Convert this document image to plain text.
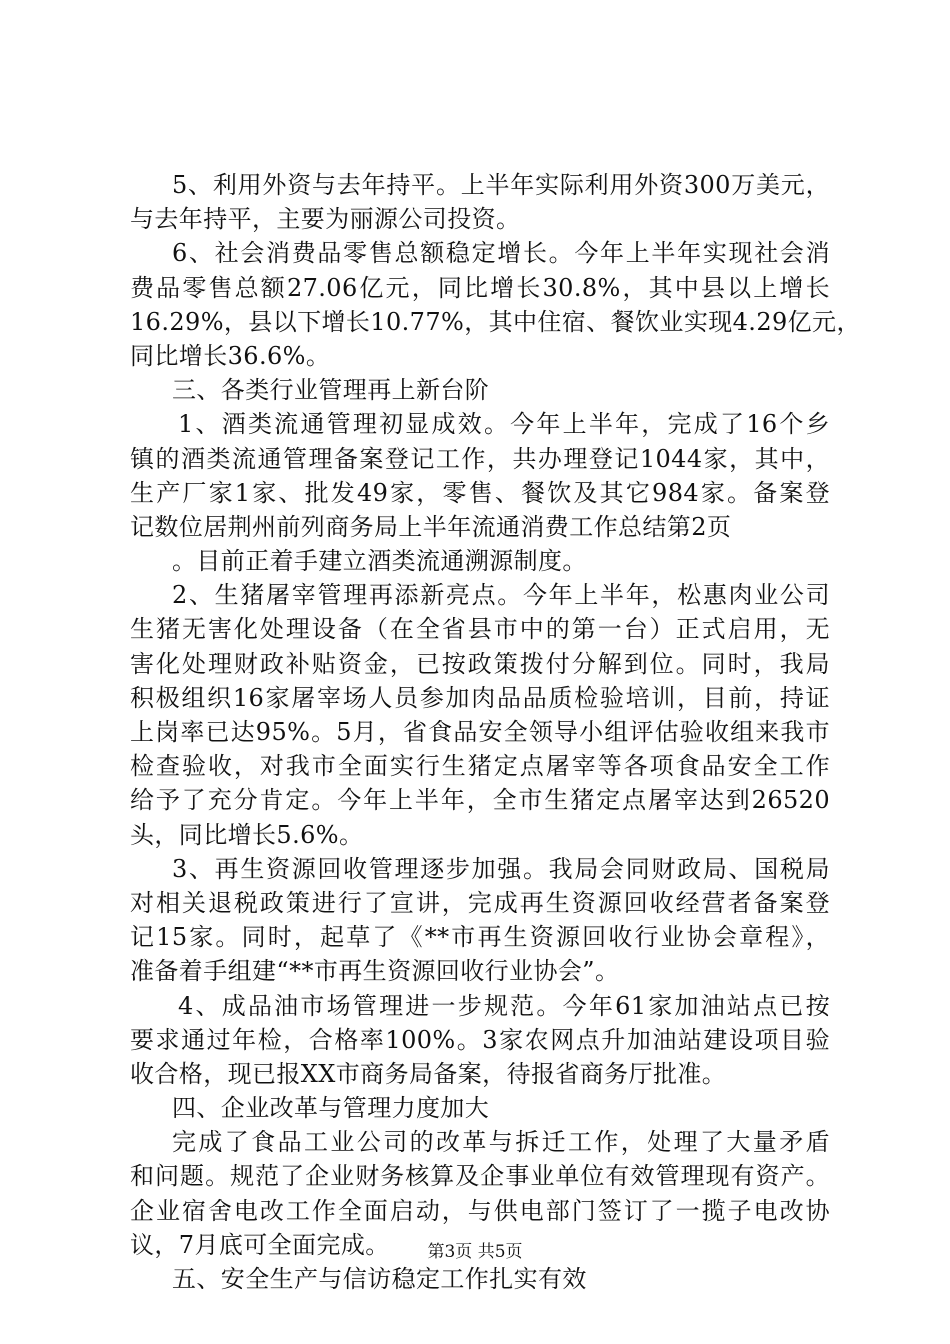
5、利用外资与去年持平。上半年实际利用外资300万美元，
与去年持平，主要为丽源公司投资。
6、社会消费品零售总额稳定增长。今年上半年实现社会消
费品零售总额27.06亿元，同比增长30.8%，其中县以上增长
16.29%，县以下增长10.77%，其中住宿、餐饮业实现4.29亿元，
同比增长36.6%。
三、各类行业管理再上新台阶
1、酒类流通管理初显成效。今年上半年，完成了16个乡
镇的酒类流通管理备案登记工作，共办理登记1044家，其中，
生产厂家1家、批发49家，零售、餐饮及其它984家。备案登
记数位居荆州前列商务局上半年流通消费工作总结第2页
。目前正着手建立酒类流通溯源制度。
2、生猪屠宰管理再添新亮点。今年上半年，松惠肉业公司
生猪无害化处理设备（在全省县市中的第一台）正式启用，无
害化处理财政补贴资金，已按政策拨付分解到位。同时，我局
积极组织16家屠宰场人员参加肉品品质检验培训，目前，持证
上岗率已达95%。5月，省食品安全领导小组评估验收组来我市
检查验收，对我市全面实行生猪定点屠宰等各项食品安全工作
给予了充分肯定。今年上半年，全市生猪定点屠宰达到26520
头，同比增长5.6%。
3、再生资源回收管理逐步加强。我局会同财政局、国税局
对相关退税政策进行了宣讲，完成再生资源回收经营者备案登
记15家。同时，起草了《**市再生资源回收行业协会章程》，
准备着手组建“**市再生资源回收行业协会”。
4、成品油市场管理进一步规范。今年61家加油站点已按
要求通过年检，合格率100%。3家农网点升加油站建设项目验
收合格，现已报XX市商务局备案，待报省商务厅批准。
四、企业改革与管理力度加大
完成了食品工业公司的改革与拆迁工作，处理了大量矛盾
和问题。规范了企业财务核算及企事业单位有效管理现有资产。
企业宿舍电改工作全面启动，与供电部门签订了一揽子电改协
议，7月底可全面完成。
五、安全生产与信访稳定工作扎实有效
第3页 共5页
